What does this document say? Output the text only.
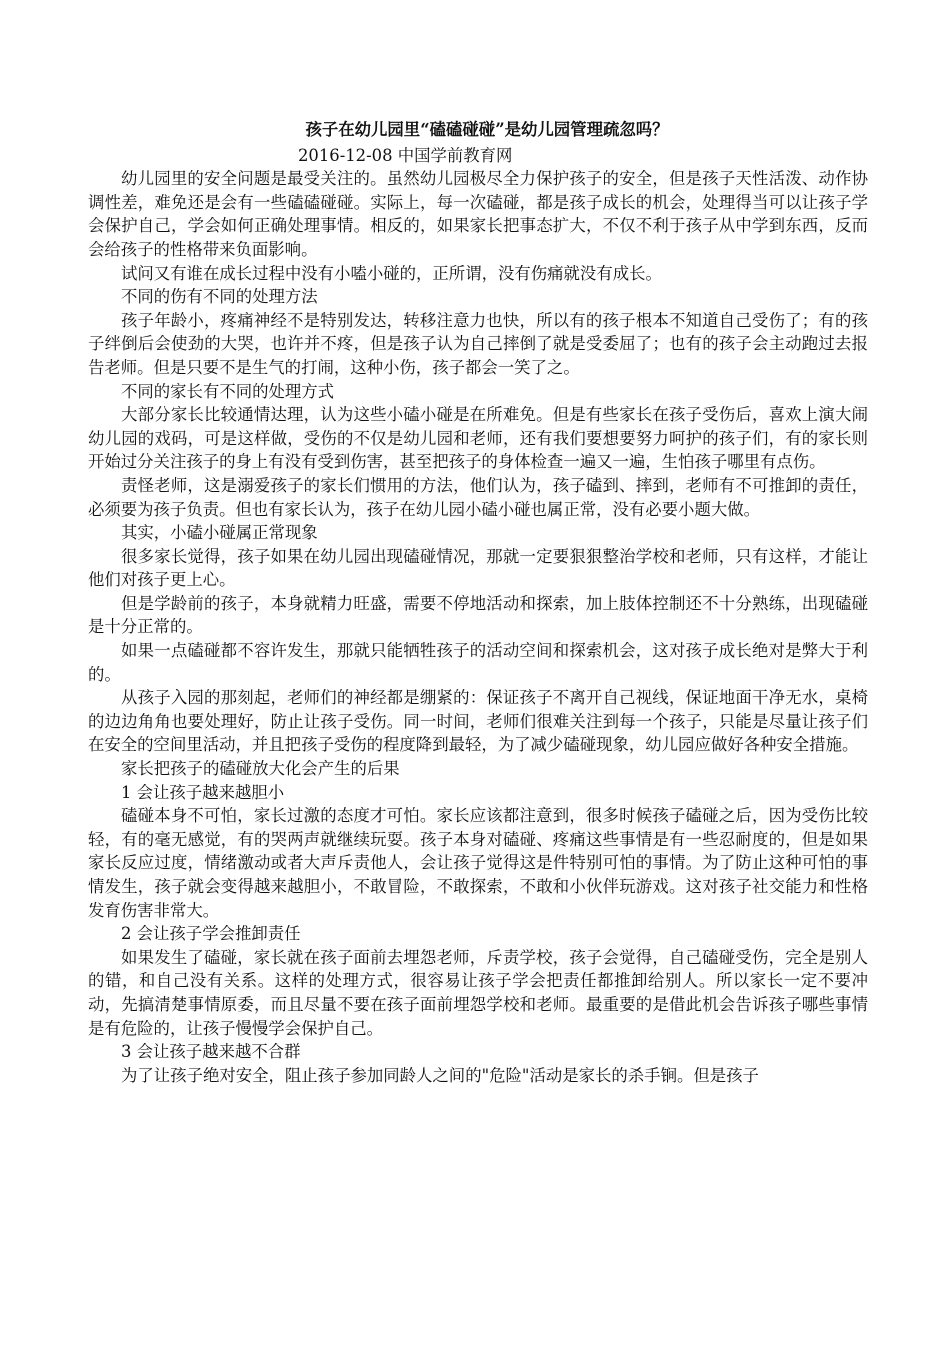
孩子在幼儿园里“磕磕碰碰”是幼儿园管理疏忽吗？
2016-12-08 中国学前教育网

幼儿园里的安全问题是最受关注的。虽然幼儿园极尽全力保护孩子的安全，但是孩子天性活泼、动作协调性差，难免还是会有一些磕磕碰碰。实际上，每一次磕碰，都是孩子成长的机会，处理得当可以让孩子学会保护自己，学会如何正确处理事情。相反的，如果家长把事态扩大，不仅不利于孩子从中学到东西，反而会给孩子的性格带来负面影响。

试问又有谁在成长过程中没有小嗑小碰的，正所谓，没有伤痛就没有成长。

不同的伤有不同的处理方法

孩子年龄小，疼痛神经不是特别发达，转移注意力也快，所以有的孩子根本不知道自己受伤了；有的孩子绊倒后会使劲的大哭，也许并不疼，但是孩子认为自己摔倒了就是受委屈了；也有的孩子会主动跑过去报告老师。但是只要不是生气的打闹，这种小伤，孩子都会一笑了之。

不同的家长有不同的处理方式

大部分家长比较通情达理，认为这些小磕小碰是在所难免。但是有些家长在孩子受伤后，喜欢上演大闹幼儿园的戏码，可是这样做，受伤的不仅是幼儿园和老师，还有我们要想要努力呵护的孩子们，有的家长则开始过分关注孩子的身上有没有受到伤害，甚至把孩子的身体检查一遍又一遍，生怕孩子哪里有点伤。

责怪老师，这是溺爱孩子的家长们惯用的方法，他们认为，孩子磕到、摔到，老师有不可推卸的责任，必须要为孩子负责。但也有家长认为，孩子在幼儿园小磕小碰也属正常，没有必要小题大做。

其实，小磕小碰属正常现象

很多家长觉得，孩子如果在幼儿园出现磕碰情况，那就一定要狠狠整治学校和老师，只有这样，才能让他们对孩子更上心。

但是学龄前的孩子，本身就精力旺盛，需要不停地活动和探索，加上肢体控制还不十分熟练，出现磕碰是十分正常的。

如果一点磕碰都不容许发生，那就只能牺牲孩子的活动空间和探索机会，这对孩子成长绝对是弊大于利的。

从孩子入园的那刻起，老师们的神经都是绷紧的：保证孩子不离开自己视线，保证地面干净无水，桌椅的边边角角也要处理好，防止让孩子受伤。同一时间，老师们很难关注到每一个孩子，只能是尽量让孩子们在安全的空间里活动，并且把孩子受伤的程度降到最轻，为了减少磕碰现象，幼儿园应做好各种安全措施。

家长把孩子的磕碰放大化会产生的后果

1 会让孩子越来越胆小

磕碰本身不可怕，家长过激的态度才可怕。家长应该都注意到，很多时候孩子磕碰之后，因为受伤比较轻，有的毫无感觉，有的哭两声就继续玩耍。孩子本身对磕碰、疼痛这些事情是有一些忍耐度的，但是如果家长反应过度，情绪激动或者大声斥责他人，会让孩子觉得这是件特别可怕的事情。为了防止这种可怕的事情发生，孩子就会变得越来越胆小，不敢冒险，不敢探索，不敢和小伙伴玩游戏。这对孩子社交能力和性格发育伤害非常大。

2 会让孩子学会推卸责任

如果发生了磕碰，家长就在孩子面前去埋怨老师，斥责学校，孩子会觉得，自己磕碰受伤，完全是别人的错，和自己没有关系。这样的处理方式，很容易让孩子学会把责任都推卸给别人。所以家长一定不要冲动，先搞清楚事情原委，而且尽量不要在孩子面前埋怨学校和老师。最重要的是借此机会告诉孩子哪些事情是有危险的，让孩子慢慢学会保护自己。

3 会让孩子越来越不合群

为了让孩子绝对安全，阻止孩子参加同龄人之间的"危险"活动是家长的杀手锏。但是孩子
